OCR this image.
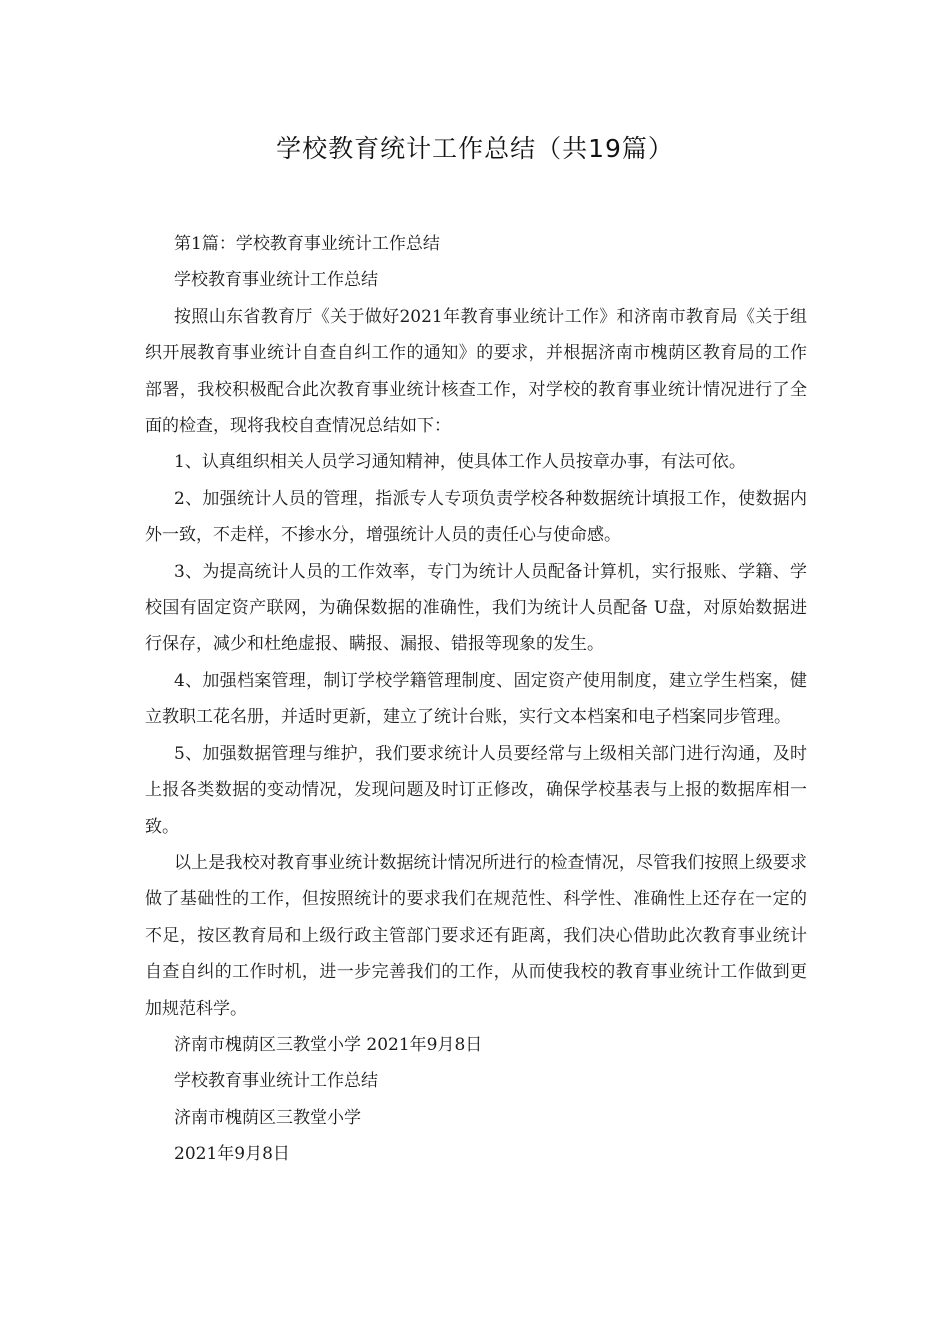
学校教育统计工作总结（共19篇）

第1篇：学校教育事业统计工作总结

学校教育事业统计工作总结

按照山东省教育厅《关于做好2021年教育事业统计工作》和济南市教育局《关于组织开展教育事业统计自查自纠工作的通知》的要求，并根据济南市槐荫区教育局的工作部署，我校积极配合此次教育事业统计核查工作，对学校的教育事业统计情况进行了全面的检查，现将我校自查情况总结如下：

1、认真组织相关人员学习通知精神，使具体工作人员按章办事，有法可依。

2、加强统计人员的管理，指派专人专项负责学校各种数据统计填报工作，使数据内外一致，不走样，不掺水分，增强统计人员的责任心与使命感。

3、为提高统计人员的工作效率，专门为统计人员配备计算机，实行报账、学籍、学校国有固定资产联网，为确保数据的准确性，我们为统计人员配备 U盘，对原始数据进行保存，减少和杜绝虚报、瞒报、漏报、错报等现象的发生。

4、加强档案管理，制订学校学籍管理制度、固定资产使用制度，建立学生档案，健立教职工花名册，并适时更新，建立了统计台账，实行文本档案和电子档案同步管理。

5、加强数据管理与维护，我们要求统计人员要经常与上级相关部门进行沟通，及时上报各类数据的变动情况，发现问题及时订正修改，确保学校基表与上报的数据库相一致。

以上是我校对教育事业统计数据统计情况所进行的检查情况，尽管我们按照上级要求做了基础性的工作，但按照统计的要求我们在规范性、科学性、准确性上还存在一定的不足，按区教育局和上级行政主管部门要求还有距离，我们决心借助此次教育事业统计自查自纠的工作时机，进一步完善我们的工作，从而使我校的教育事业统计工作做到更加规范科学。

济南市槐荫区三教堂小学 2021年9月8日

学校教育事业统计工作总结

济南市槐荫区三教堂小学

2021年9月8日
